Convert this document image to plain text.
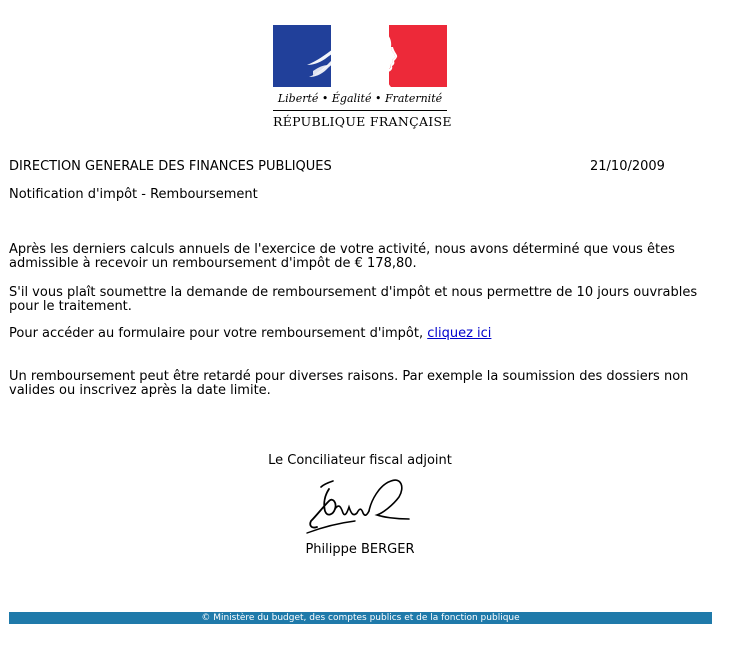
Liberté • Égalité • Fraternité
RÉPUBLIQUE FRANÇAISE
DIRECTION GENERALE DES FINANCES PUBLIQUES	21/10/2009
Notification d'impôt - Remboursement
Après les derniers calculs annuels de l'exercice de votre activité, nous avons déterminé que vous êtes admissible à recevoir un remboursement d'impôt de € 178,80.
S'il vous plaît soumettre la demande de remboursement d'impôt et nous permettre de 10 jours ouvrables pour le traitement.
Pour accéder au formulaire pour votre remboursement d'impôt, cliquez ici
Un remboursement peut être retardé pour diverses raisons. Par exemple la soumission des dossiers non valides ou inscrivez après la date limite.
Le Conciliateur fiscal adjoint
Philippe BERGER
© Ministère du budget, des comptes publics et de la fonction publique
